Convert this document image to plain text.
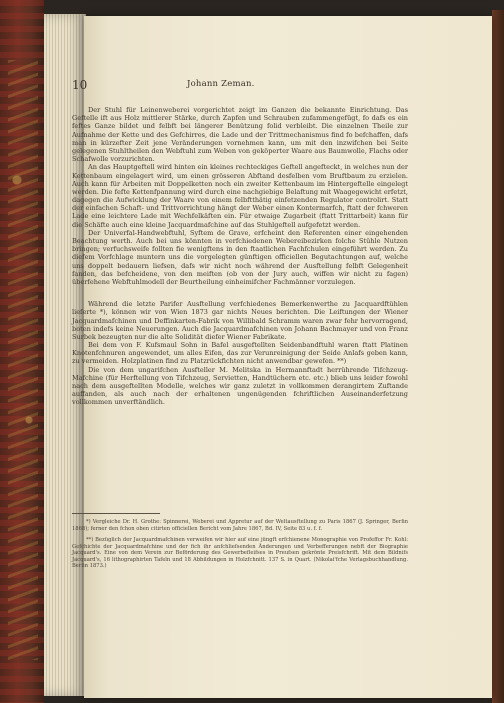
10	Johann Zeman.

Der Stuhl für Leinenweberei vorgerichtet zeigt im Ganzen die bekannte Einrichtung. Das Geftelle ift aus Holz mittlerer Stärke, durch Zapfen und Schrauben zufammengefügt, fo dafs es ein feftes Ganze bildet und felbft bei längerer Benützung folid verbleibt. Die einzelnen Theile zur Aufnahme der Kette und des Gefchirres, die Lade und der Trittmechanismus find fo befchaffen, dafs man in kürzefter Zeit jene Veränderungen vornehmen kann, um mit den inzwifchen bei Seite gelegenen Stuhltheilen den Webftuhl zum Weben von geköperter Waare aus Baumwolle, Flachs oder Schafwolle vorzurichten.

An das Hauptgeftell wird hinten ein kleines rechteckiges Geftell angefteckt, in welches nun der Kettenbaum eingelagert wird, um einen grösseren Abftand desfelben vom Bruftbaum zu erzielen. Auch kann für Arbeiten mit Doppelketten noch ein zweiter Kettenbaum im Hintergeftelle eingelegt werden. Die fefte Kettenfpannung wird durch eine nachgiebige Belaftung mit Waagegewicht erfetzt, dagegen die Aufwicklung der Waare von einem felbftthätig einfetzenden Regulator controlirt. Statt der einfachen Schaft- und Trittvorrichtung hängt der Weber einen Kontermarfch, ftatt der fchweren Lade eine leichtere Lade mit Wechfelkäften ein. Für etwaige Zugarbeit (ftatt Trittarbeit) kann für die Schäfte auch eine kleine Jacquardmafchine auf das Stuhlgeftell aufgefetzt werden.

Der Univerfal-Handwebftuhl, Syftem de Grave, erfcheint den Referenten einer eingehenden Beachtung werth. Auch bei uns könnten in verfchiedenen Webereibezirken folche Stühle Nutzen bringen; verfuchsweife follten fie wenigftens in den ftaatlichen Fachfchulen eingeführt werden. Zu diefem Vorfchlage muntern uns die vorgelegten günftigen officiellen Begutachtungen auf, welche uns doppelt bedauern liefsen, dafs wir nicht noch während der Ausftellung felbft Gelegenheit fanden, das befcheidene, von den meiften (ob von der Jury auch, wiffen wir nicht zu fagen) überfehene Webftuhlmodell der Beurtheilung einheimifcher Fachmänner vorzulegen.

Während die letzte Parifer Ausftellung verfchiedenes Bemerkenwerthe zu Jacquardftühlen lieferte *), können wir von Wien 1873 gar nichts Neues berichten. Die Leiftungen der Wiener Jacquardmafchinen und Deffinkarten-Fabrik von Willibald Schramm waren zwar fehr hervorragend, boten indefs keine Neuerungen. Auch die Jacquardmafchinen von Johann Bachmayer und von Franz Surbek bezeugten nur die alte Solidität diefer Wiener Fabrikate.

Bei dem von F. Kufsmaul Sohn in Bafel ausgeftellten Seidenbandftuhl waren ftatt Platinen Knotenfchnuren angewendet, um alles Eifen, das zur Verunreinigung der Seide Anlafs geben kann, zu vermeiden. Holzplatinen find zu Platzrückfichten nicht anwendbar gewefen. **)

Die von dem ungarifchen Ausfteller M. Melitska in Hermannftadt herrührende Tifchzeug-Mafchine (für Herftellung von Tifchzeug, Servietten, Handtüchern etc. etc.) blieb uns leider fowohl nach dem ausgeftellten Modelle, welches wir ganz zuletzt in vollkommen derangirtem Zuftande auffanden, als auch nach der erhaltenen ungenügenden fchriftlichen Auseinanderfetzung vollkommen unverftändlich.

*) Vergleiche Dr. H. Grothe: Spinnerei, Weberei und Appretur auf der Weltausftellung zu Paris 1867 (J. Springer, Berlin 1868); ferner den fchon oben citirten officiellen Bericht vom Jahre 1867, Bd. IV, Seite 83 u. f. f.

**) Bezüglich der Jacquardmafchinen verweifen wir hier auf eine jüngft erfchienene Monographie von Profeffor Fr. Kohl: Gefchichte der Jacquardmafchine und der fich ihr anfchliefsenden Änderungen und Verbefferungen nebft der Biographie Jacquard's. Eine von dem Verein zur Beförderung des Gewerbefleifses in Preufsen gekrönte Preisfchrift. Mit dem Bildnifs Jacquard's, 16 lithographirten Tafeln und 18 Abbildungen in Holzfchnitt. 137 S. in Quart. (Nikolai'fche Verlagsbuchhandlung. Berlin 1873.)
